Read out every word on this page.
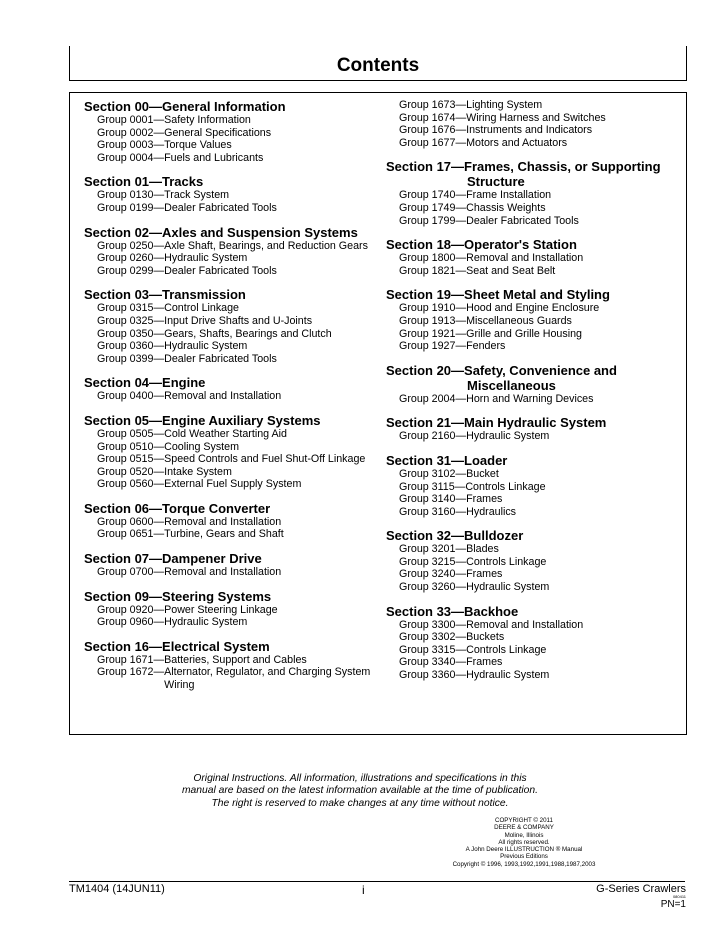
Contents
Section 00—General Information
Group 0001 — Safety Information
Group 0002 — General Specifications
Group 0003 — Torque Values
Group 0004 — Fuels and Lubricants
Section 01—Tracks
Group 0130 — Track System
Group 0199 — Dealer Fabricated Tools
Section 02—Axles and Suspension Systems
Group 0250 — Axle Shaft, Bearings, and Reduction Gears
Group 0260 — Hydraulic System
Group 0299 — Dealer Fabricated Tools
Section 03—Transmission
Group 0315 — Control Linkage
Group 0325 — Input Drive Shafts and U-Joints
Group 0350 — Gears, Shafts, Bearings and Clutch
Group 0360 — Hydraulic System
Group 0399 — Dealer Fabricated Tools
Section 04—Engine
Group 0400 — Removal and Installation
Section 05—Engine Auxiliary Systems
Group 0505 — Cold Weather Starting Aid
Group 0510 — Cooling System
Group 0515 — Speed Controls and Fuel Shut-Off Linkage
Group 0520 — Intake System
Group 0560 — External Fuel Supply System
Section 06—Torque Converter
Group 0600 — Removal and Installation
Group 0651 — Turbine, Gears and Shaft
Section 07—Dampener Drive
Group 0700 — Removal and Installation
Section 09—Steering Systems
Group 0920 — Power Steering Linkage
Group 0960 — Hydraulic System
Section 16—Electrical System
Group 1671 — Batteries, Support and Cables
Group 1672 — Alternator, Regulator, and Charging System Wiring
Group 1673 — Lighting System
Group 1674 — Wiring Harness and Switches
Group 1676 — Instruments and Indicators
Group 1677 — Motors and Actuators
Section 17—Frames, Chassis, or Supporting Structure
Group 1740 — Frame Installation
Group 1749 — Chassis Weights
Group 1799 — Dealer Fabricated Tools
Section 18—Operator's Station
Group 1800 — Removal and Installation
Group 1821 — Seat and Seat Belt
Section 19—Sheet Metal and Styling
Group 1910 — Hood and Engine Enclosure
Group 1913 — Miscellaneous Guards
Group 1921 — Grille and Grille Housing
Group 1927 — Fenders
Section 20—Safety, Convenience and Miscellaneous
Group 2004 — Horn and Warning Devices
Section 21—Main Hydraulic System
Group 2160 — Hydraulic System
Section 31—Loader
Group 3102 — Bucket
Group 3115 — Controls Linkage
Group 3140 — Frames
Group 3160 — Hydraulics
Section 32—Bulldozer
Group 3201 — Blades
Group 3215 — Controls Linkage
Group 3240 — Frames
Group 3260 — Hydraulic System
Section 33—Backhoe
Group 3300 — Removal and Installation
Group 3302 — Buckets
Group 3315 — Controls Linkage
Group 3340 — Frames
Group 3360 — Hydraulic System
Original Instructions. All information, illustrations and specifications in this
manual are based on the latest information available at the time of publication.
The right is reserved to make changes at any time without notice.
COPYRIGHT © 2011
DEERE & COMPANY
Moline, Illinois
All rights reserved.
A John Deere ILLUSTRUCTION ® Manual
Previous Editions
Copyright © 1996, 1993,1992,1991,1988,1987,2003
TM1404 (14JUN11)	i	G-Series Crawlers
080411
PN=1
